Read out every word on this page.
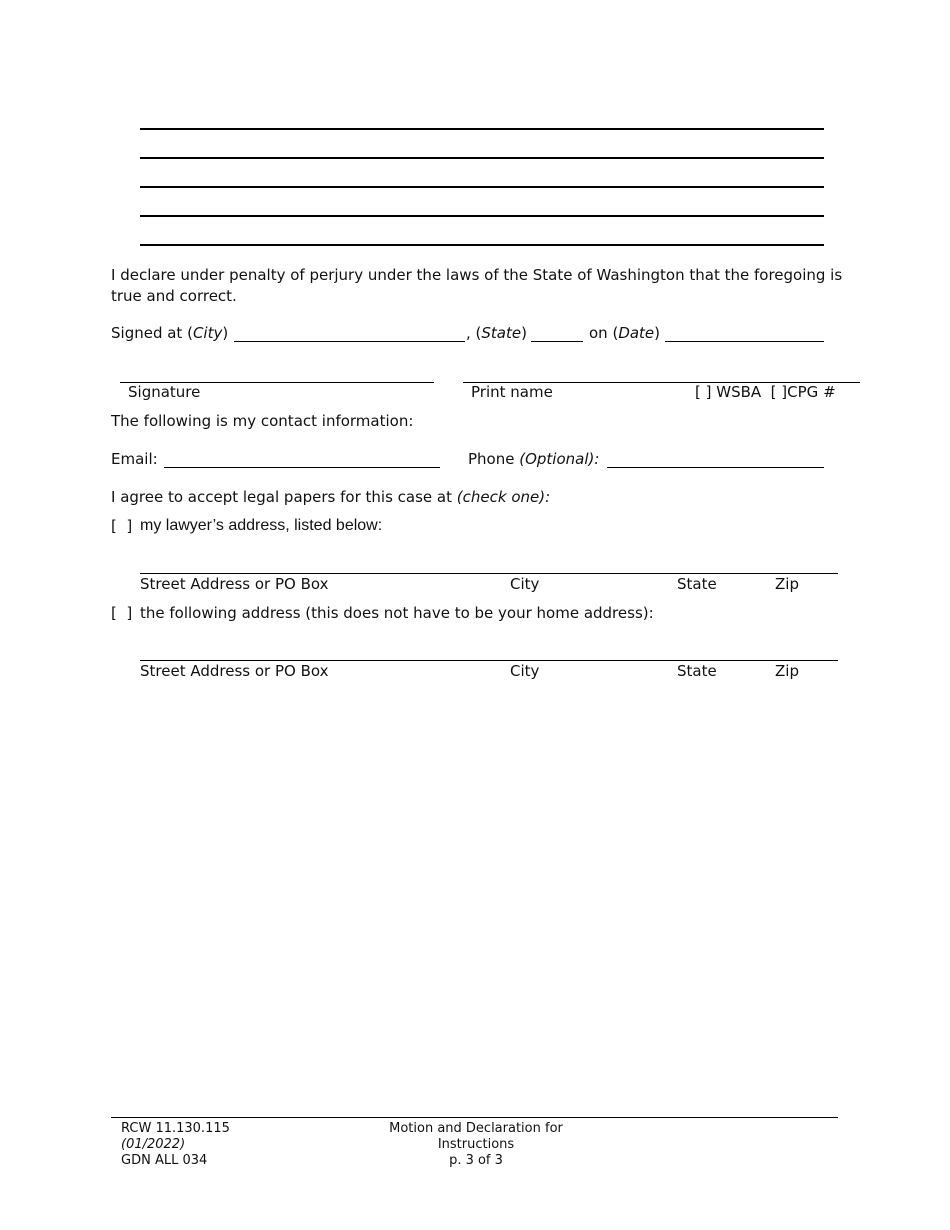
I declare under penalty of perjury under the laws of the State of Washington that the foregoing is true and correct.
Signed at (City)	, (State)	on (Date)
Signature	Print name	[ ] WSBA  [ ]CPG #
The following is my contact information:
Email:	Phone (Optional):
I agree to accept legal papers for this case at (check one):
[  ] my lawyer’s address, listed below:
Street Address or PO Box	City	State	Zip
[  ] the following address (this does not have to be your home address):
Street Address or PO Box	City	State	Zip
RCW 11.130.115
(01/2022)
GDN ALL 034
Motion and Declaration for
Instructions
p. 3 of 3
